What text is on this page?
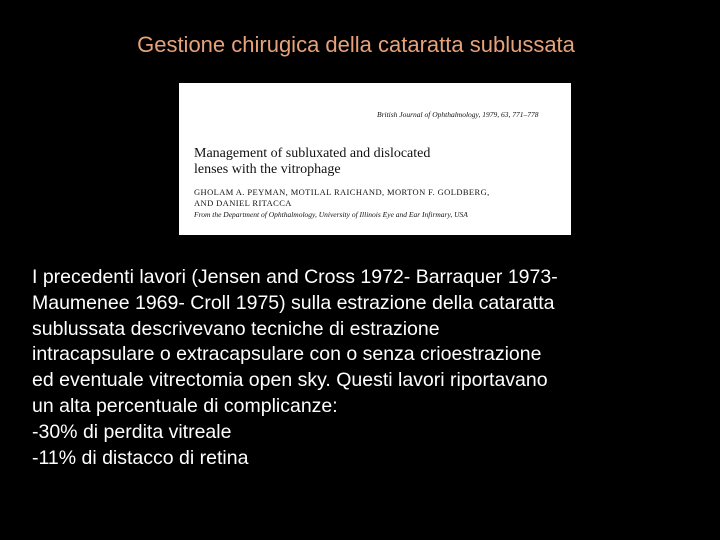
Gestione chirugica della cataratta sublussata
British Journal of Ophthalmology, 1979, 63, 771–778
Management of subluxated and dislocated
lenses with the vitrophage
GHOLAM A. PEYMAN, MOTILAL RAICHAND, MORTON F. GOLDBERG,
AND DANIEL RITACCA
From the Department of Ophthalmology, University of Illinois Eye and Ear Infirmary, USA
I precedenti lavori (Jensen and Cross 1972- Barraquer 1973-
Maumenee 1969- Croll 1975) sulla estrazione della cataratta
sublussata descrivevano tecniche di estrazione
intracapsulare o extracapsulare con o senza crioestrazione
ed eventuale vitrectomia open sky. Questi lavori riportavano
un alta percentuale di complicanze:
-30% di perdita vitreale
-11% di distacco di retina
